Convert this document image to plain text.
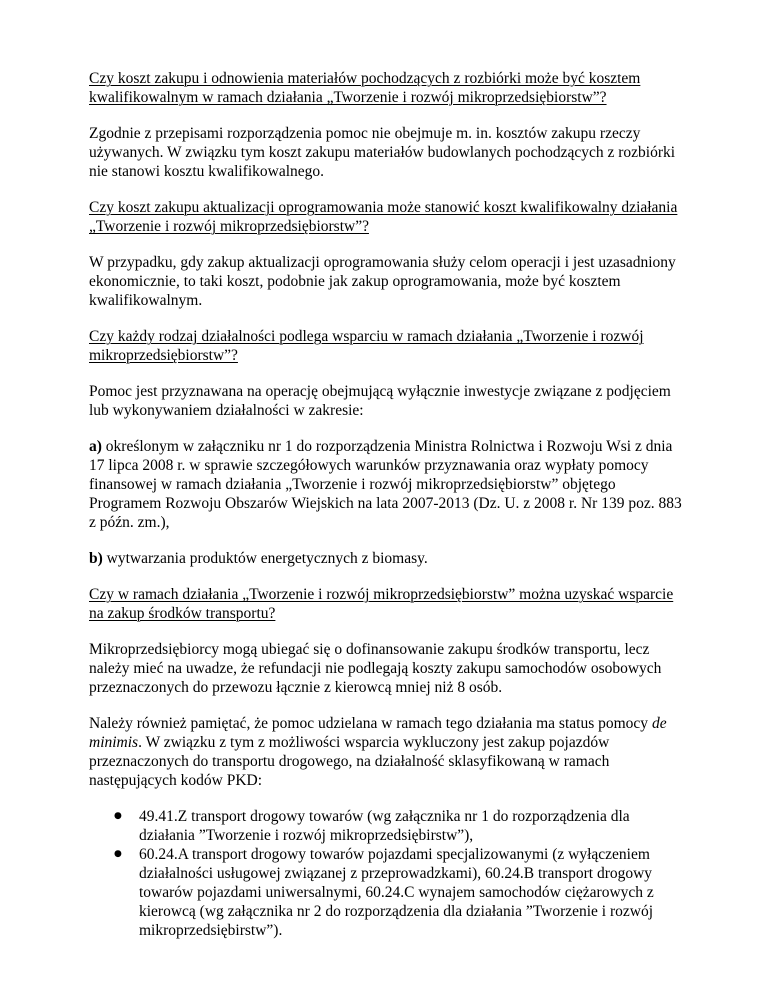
Czy koszt zakupu i odnowienia materiałów pochodzących z rozbiórki może być kosztem kwalifikowalnym w ramach działania „Tworzenie i rozwój mikroprzedsiębiorstw”?

Zgodnie z przepisami rozporządzenia pomoc nie obejmuje m. in. kosztów zakupu rzeczy używanych. W związku tym koszt zakupu materiałów budowlanych pochodzących z rozbiórki nie stanowi kosztu kwalifikowalnego.

Czy koszt zakupu aktualizacji oprogramowania może stanowić koszt kwalifikowalny działania „Tworzenie i rozwój mikroprzedsiębiorstw”?

W przypadku, gdy zakup aktualizacji oprogramowania służy celom operacji i jest uzasadniony ekonomicznie, to taki koszt, podobnie jak zakup oprogramowania, może być kosztem kwalifikowalnym.

Czy każdy rodzaj działalności podlega wsparciu w ramach działania „Tworzenie i rozwój mikroprzedsiębiorstw”?

Pomoc jest przyznawana na operację obejmującą wyłącznie inwestycje związane z podjęciem lub wykonywaniem działalności w zakresie:

a) określonym w załączniku nr 1 do rozporządzenia Ministra Rolnictwa i Rozwoju Wsi z dnia 17 lipca 2008 r. w sprawie szczegółowych warunków przyznawania oraz wypłaty pomocy finansowej w ramach działania „Tworzenie i rozwój mikroprzedsiębiorstw” objętego Programem Rozwoju Obszarów Wiejskich na lata 2007-2013 (Dz. U. z 2008 r. Nr 139 poz. 883 z późn. zm.),

b) wytwarzania produktów energetycznych z biomasy.

Czy w ramach działania „Tworzenie i rozwój mikroprzedsiębiorstw” można uzyskać wsparcie na zakup środków transportu?

Mikroprzedsiębiorcy mogą ubiegać się o dofinansowanie zakupu środków transportu, lecz należy mieć na uwadze, że refundacji nie podlegają koszty zakupu samochodów osobowych przeznaczonych do przewozu łącznie z kierowcą mniej niż 8 osób.

Należy również pamiętać, że pomoc udzielana w ramach tego działania ma status pomocy de minimis. W związku z tym z możliwości wsparcia wykluczony jest zakup pojazdów przeznaczonych do transportu drogowego, na działalność sklasyfikowaną w ramach następujących kodów PKD:

● 49.41.Z transport drogowy towarów (wg załącznika nr 1 do rozporządzenia dla działania ”Tworzenie i rozwój mikroprzedsiębirstw”),
● 60.24.A transport drogowy towarów pojazdami specjalizowanymi (z wyłączeniem działalności usługowej związanej z przeprowadzkami), 60.24.B transport drogowy towarów pojazdami uniwersalnymi, 60.24.C wynajem samochodów ciężarowych z kierowcą (wg załącznika nr 2 do rozporządzenia dla działania ”Tworzenie i rozwój mikroprzedsiębirstw”).
